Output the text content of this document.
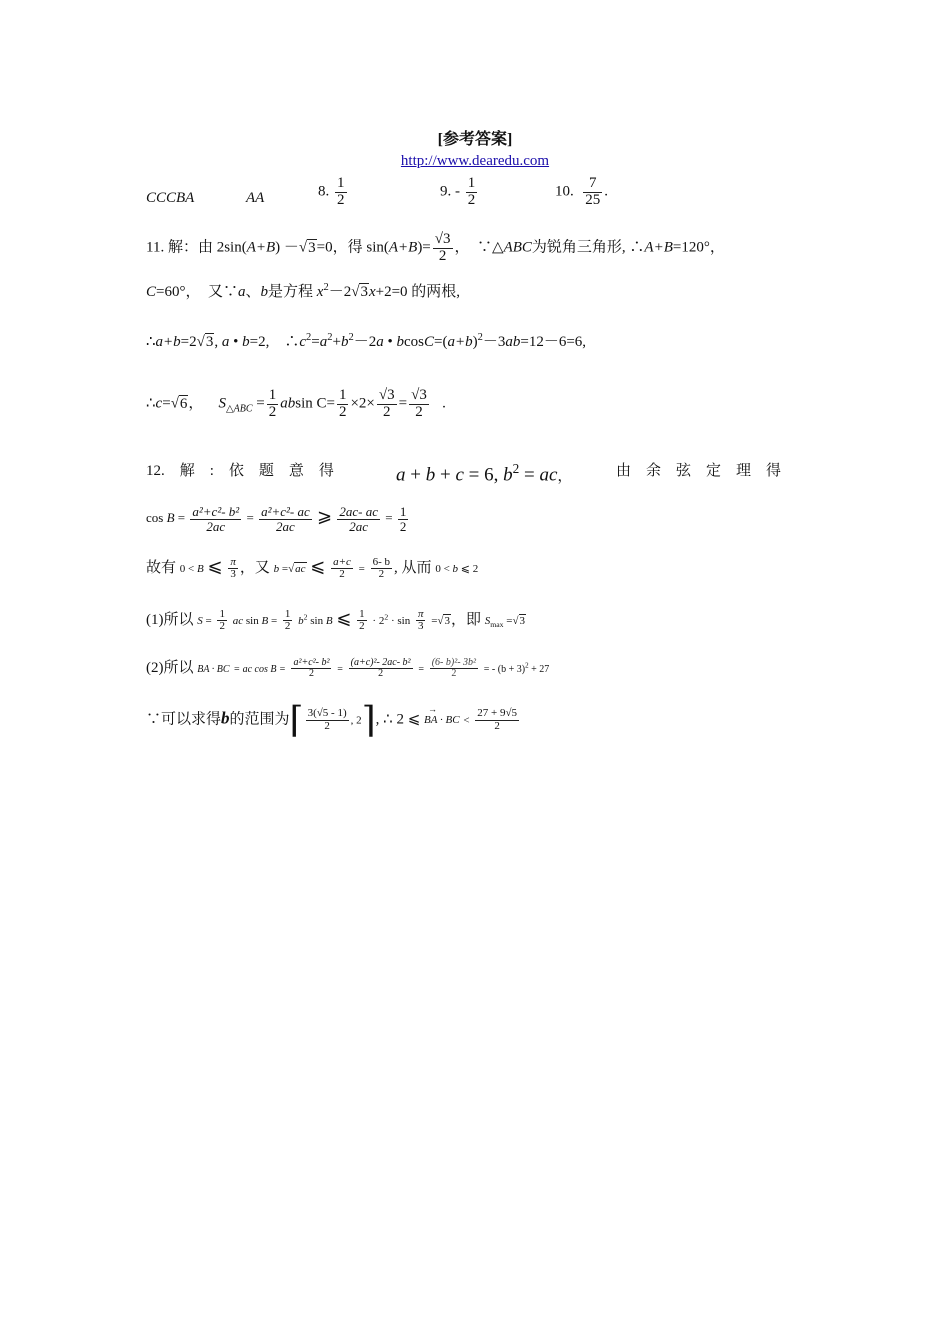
[参考答案]
http://www.dearedu.com
CCCBA	AA	8. $\frac{1}{2}$	9. - $\frac{1}{2}$	10. $\frac{7}{25}$ .
11. 解：由 2sin(A+B) －√3=0，得 $\sin(A+B)= \frac{√3}{2}$ ，　∵△ABC为锐角三角形, ∴A+B=120°，
C=60°，　又∵a、b是方程 $x^2-2√3x+2=0$ 的两根,
∴a+b=2√3, a • b=2,　$\therefore c^2=a^2+b^2-2a$ • $bcosC=(a+b)^2-3ab=12-6=6$,
∴c=√6， $S_{\triangle ABC} = \frac{1}{2}$ absin $C= \frac{1}{2} \times 2\times \frac{√3}{2} = \frac{√3}{2}$ .
12.　解　:　依　题　意　得	a + b + c = 6, $b^2$ = ac，	由　余　弦　定　理　得
$\cos B = \frac{\text{a²+c²- b²}}{2ac} = \frac{\text{a²+c²- ac}}{2ac}$ ⩾ $\frac{2ac- ac}{2ac} = \frac{1}{2}$
故有 0 < B ⩽ $\frac{\pi}{3}$ ，又 b =√ac ⩽ $\frac{a+c}{2} = \frac{6- b}{2}$ , 从而 0 < b ⩽ 2
(1)所以 $S = \frac{1}{2}$ ac $\sin B = \frac{1}{2} b^2$ sin B ⩽ $\frac{1}{2} \cdot 2^2 \cdot \sin \frac{\pi}{3} =√3$，即 $S_{max} =√3$
(2)所以 BA · BC = ac $\cos B = \frac{\text{a²+c²- b²}}{2} = \frac{\text{(a+c)²- 2ac- b²}}{2} = \frac{\text{(6- b)²- 3b²}}{2}$ = - $(b + 3)^2 + 27$
∵可以求得b的范围为⌈ $\frac{3(√5 - 1)}{2}$ , 2⌉, ∴ 2 ⩽
→
BA · BC < $\frac{27 + 9√5}{2}$
